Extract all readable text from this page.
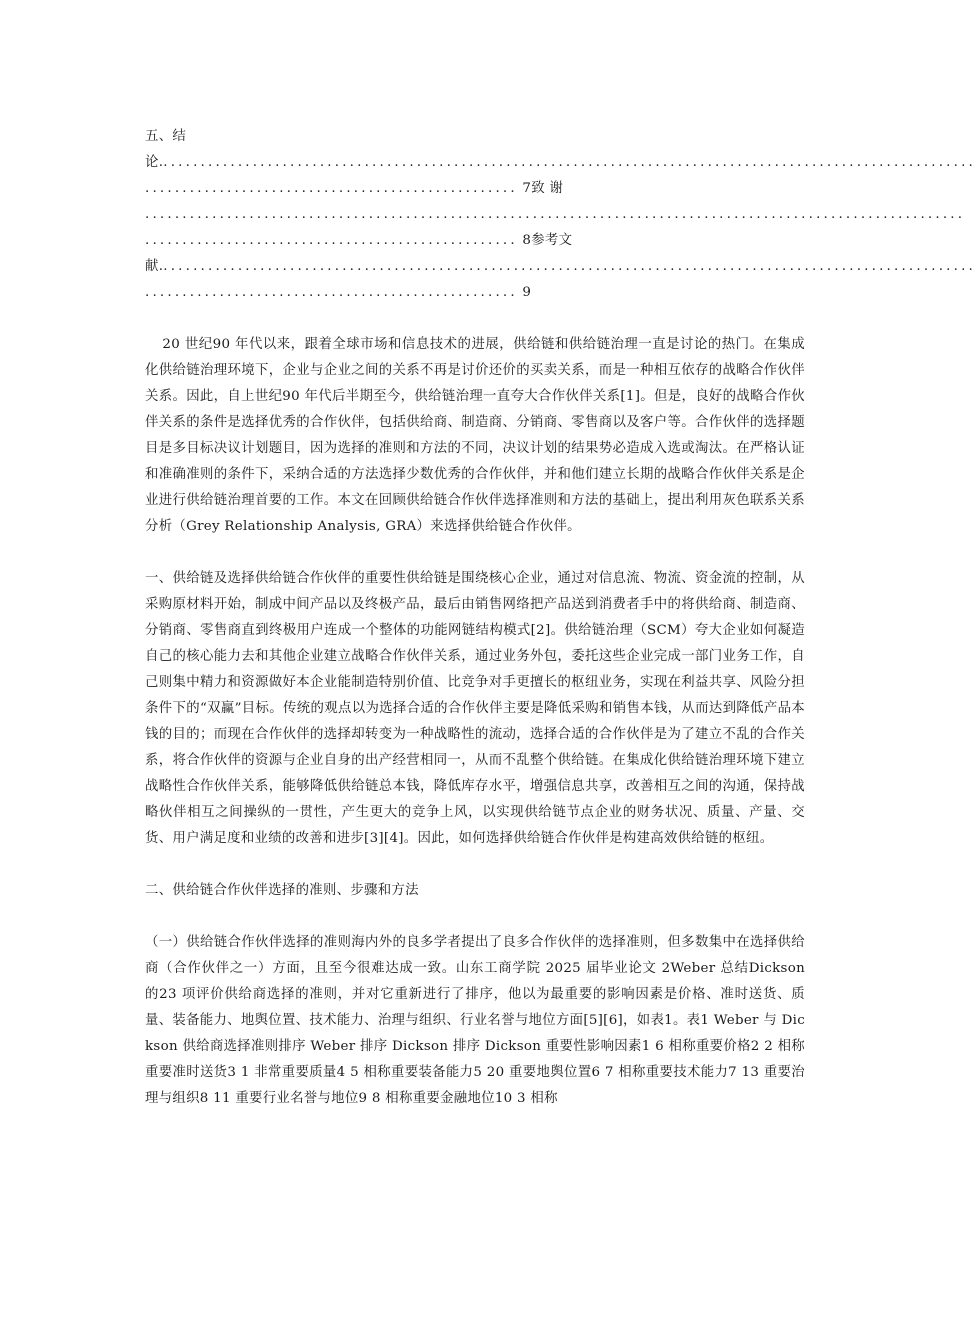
五、结
论..............................................................................................................
.................................................. 7致 谢
..............................................................................................................
.................................................. 8参考文
献..............................................................................................................
.................................................. 9

20 世纪90 年代以来，跟着全球市场和信息技术的进展，供给链和供给链治理一直是讨论的热门。在集成化供给链治理环境下，企业与企业之间的关系不再是讨价还价的买卖关系，而是一种相互依存的战略合作伙伴关系。因此，自上世纪90 年代后半期至今，供给链治理一直夸大合作伙伴关系[1]。但是，良好的战略合作伙伴关系的条件是选择优秀的合作伙伴，包括供给商、制造商、分销商、零售商以及客户等。合作伙伴的选择题目是多目标决议计划题目，因为选择的准则和方法的不同，决议计划的结果势必造成入选或淘汰。在严格认证和准确准则的条件下，采纳合适的方法选择少数优秀的合作伙伴，并和他们建立长期的战略合作伙伴关系是企业进行供给链治理首要的工作。本文在回顾供给链合作伙伴选择准则和方法的基础上，提出利用灰色联系关系分析（Grey Relationship Analysis, GRA）来选择供给链合作伙伴。

一、供给链及选择供给链合作伙伴的重要性供给链是围绕核心企业，通过对信息流、物流、资金流的控制，从采购原材料开始，制成中间产品以及终极产品，最后由销售网络把产品送到消费者手中的将供给商、制造商、分销商、零售商直到终极用户连成一个整体的功能网链结构模式[2]。供给链治理（SCM）夸大企业如何凝造自己的核心能力去和其他企业建立战略合作伙伴关系，通过业务外包，委托这些企业完成一部门业务工作，自己则集中精力和资源做好本企业能制造特别价值、比竞争对手更擅长的枢纽业务，实现在利益共享、风险分担条件下的“双赢”目标。传统的观点以为选择合适的合作伙伴主要是降低采购和销售本钱，从而达到降低产品本钱的目的；而现在合作伙伴的选择却转变为一种战略性的流动，选择合适的合作伙伴是为了建立不乱的合作关系，将合作伙伴的资源与企业自身的出产经营相同一，从而不乱整个供给链。在集成化供给链治理环境下建立战略性合作伙伴关系，能够降低供给链总本钱，降低库存水平，增强信息共享，改善相互之间的沟通，保持战略伙伴相互之间操纵的一贯性，产生更大的竞争上风，以实现供给链节点企业的财务状况、质量、产量、交货、用户满足度和业绩的改善和进步[3][4]。因此，如何选择供给链合作伙伴是构建高效供给链的枢纽。

二、供给链合作伙伴选择的准则、步骤和方法

（一）供给链合作伙伴选择的准则海内外的良多学者提出了良多合作伙伴的选择准则，但多数集中在选择供给商（合作伙伴之一）方面，且至今很难达成一致。山东工商学院 2025 届毕业论文 2Weber 总结Dickson 的23 项评价供给商选择的准则，并对它重新进行了排序，他以为最重要的影响因素是价格、准时送货、质量、装备能力、地舆位置、技术能力、治理与组织、行业名誉与地位方面[5][6]，如表1。表1 Weber 与 Dickson 供给商选择准则排序 Weber 排序 Dickson 排序 Dickson 重要性影响因素1 6 相称重要价格2 2 相称重要准时送货3 1 非常重要质量4 5 相称重要装备能力5 20 重要地舆位置6 7 相称重要技术能力7 13 重要治理与组织8 11 重要行业名誉与地位9 8 相称重要金融地位10 3 相称
